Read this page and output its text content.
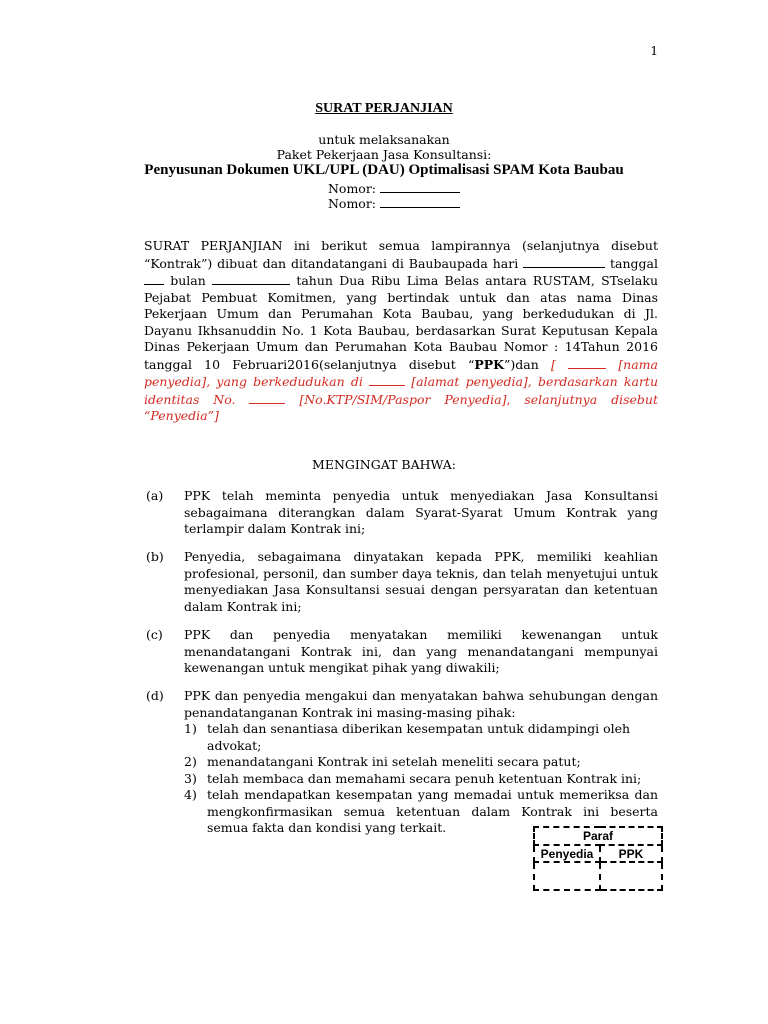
1
SURAT PERJANJIAN
untuk melaksanakan
Paket Pekerjaan Jasa Konsultansi:
Penyusunan Dokumen UKL/UPL (DAU) Optimalisasi SPAM Kota Baubau
Nomor:
Nomor:
SURAT PERJANJIAN ini berikut semua lampirannya (selanjutnya disebut “Kontrak”) dibuat dan ditandatangani di Baubaupada hari	tanggal  bulan	tahun Dua Ribu Lima Belas antara RUSTAM, STselaku Pejabat Pembuat Komitmen, yang bertindak untuk dan atas nama Dinas Pekerjaan Umum dan Perumahan Kota Baubau, yang berkedudukan di Jl. Dayanu Ikhsanuddin No. 1 Kota Baubau, berdasarkan Surat Keputusan Kepala Dinas Pekerjaan Umum dan Perumahan Kota Baubau Nomor : 14Tahun 2016 tanggal 10 Februari2016(selanjutnya disebut “PPK”)dan [	[nama penyedia], yang berkedudukan di	[alamat penyedia], berdasarkan kartu identitas No.	[No.KTP/SIM/Paspor Penyedia], selanjutnya disebut “Penyedia”]
MENGINGAT BAHWA:
(a) PPK telah meminta penyedia untuk menyediakan Jasa Konsultansi sebagaimana diterangkan dalam Syarat-Syarat Umum Kontrak yang terlampir dalam Kontrak ini;
(b) Penyedia, sebagaimana dinyatakan kepada PPK, memiliki keahlian profesional, personil, dan sumber daya teknis, dan telah menyetujui untuk menyediakan Jasa Konsultansi sesuai dengan persyaratan dan ketentuan dalam Kontrak ini;
(c) PPK dan penyedia menyatakan memiliki kewenangan untuk menandatangani Kontrak ini, dan yang menandatangani mempunyai kewenangan untuk mengikat pihak yang diwakili;
(d) PPK dan penyedia mengakui dan menyatakan bahwa sehubungan dengan penandatanganan Kontrak ini masing-masing pihak:
1) telah dan senantiasa diberikan kesempatan untuk didampingi oleh advokat;
2) menandatangani Kontrak ini setelah meneliti secara patut;
3) telah membaca dan memahami secara penuh ketentuan Kontrak ini;
4) telah mendapatkan kesempatan yang memadai untuk memeriksa dan mengkonfirmasikan semua ketentuan dalam Kontrak ini beserta semua fakta dan kondisi yang terkait.
Paraf	
Penyedia	PPK
